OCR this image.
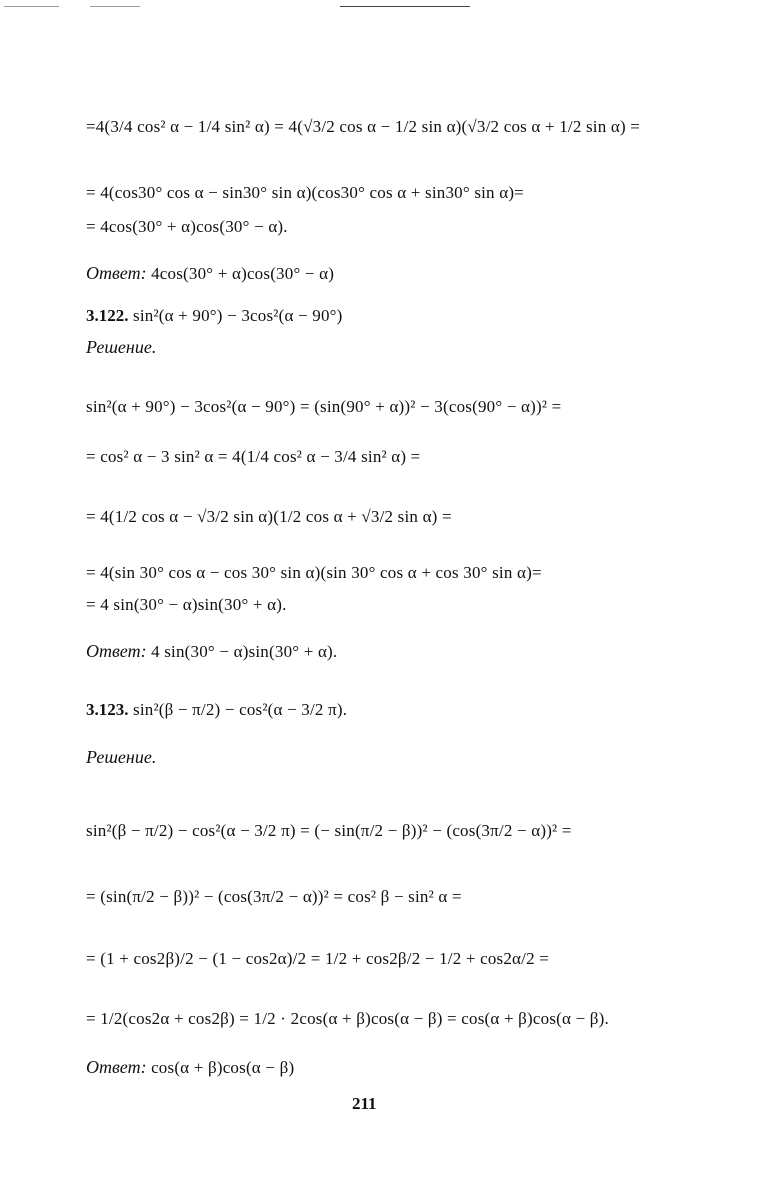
=4(3/4 cos² α − 1/4 sin² α) = 4(√3/2 cos α − 1/2 sin α)(√3/2 cos α + 1/2 sin α) =
= 4(cos30° cos α − sin30° sin α)(cos30° cos α + sin30° sin α)=
= 4cos(30° + α)cos(30° − α).
Ответ: 4cos(30° + α)cos(30° − α)
3.122. sin²(α + 90°) − 3cos²(α − 90°)
Решение.
sin²(α + 90°) − 3cos²(α − 90°) = (sin(90° + α))² − 3(cos(90° − α))² =
= cos² α − 3 sin² α = 4(1/4 cos² α − 3/4 sin² α) =
= 4(1/2 cos α − √3/2 sin α)(1/2 cos α + √3/2 sin α) =
= 4(sin 30° cos α − cos 30° sin α)(sin 30° cos α + cos 30° sin α)=
= 4 sin(30° − α)sin(30° + α).
Ответ: 4 sin(30° − α)sin(30° + α).
3.123. sin²(β − π/2) − cos²(α − 3/2 π).
Решение.
sin²(β − π/2) − cos²(α − 3/2 π) = (− sin(π/2 − β))² − (cos(3π/2 − α))² =
= (sin(π/2 − β))² − (cos(3π/2 − α))² = cos² β − sin² α =
= (1 + cos2β)/2 − (1 − cos2α)/2 = 1/2 + cos2β/2 − 1/2 + cos2α/2 =
= 1/2(cos2α + cos2β) = 1/2 · 2cos(α + β)cos(α − β) = cos(α + β)cos(α − β).
Ответ: cos(α + β)cos(α − β)
211
